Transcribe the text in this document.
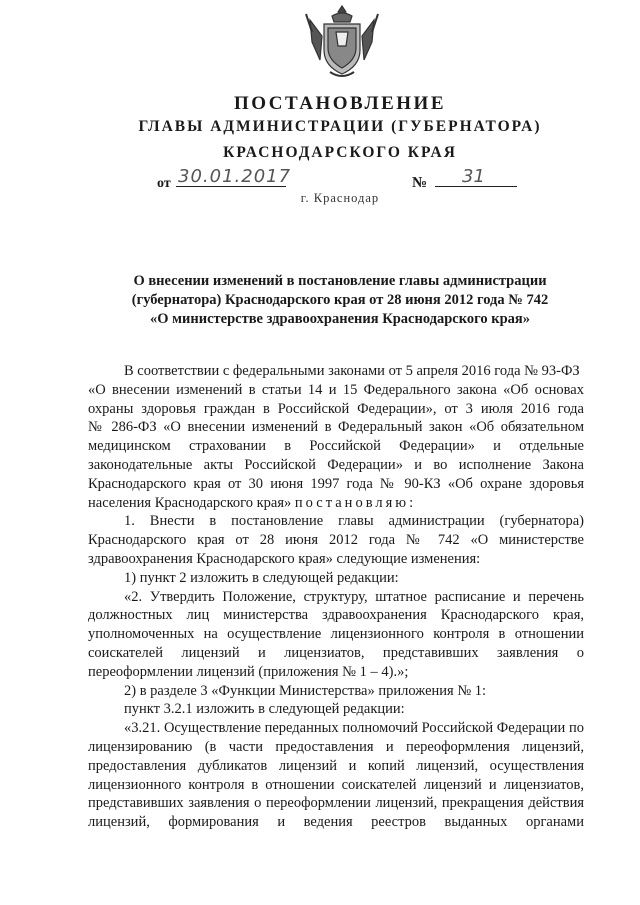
ПОСТАНОВЛЕНИЕ
ГЛАВЫ АДМИНИСТРАЦИИ (ГУБЕРНАТОРА)
КРАСНОДАРСКОГО КРАЯ
от 30.01.2017	№ 31
г. Краснодар
О внесении изменений в постановление главы администрации
(губернатора) Краснодарского края от 28 июня 2012 года № 742
«О министерстве здравоохранения Краснодарского края»
В соответствии с федеральными законами от 5 апреля 2016 года № 93-ФЗ
«О внесении изменений в статьи 14 и 15 Федерального закона «Об основах
охраны здоровья граждан в Российской Федерации», от 3 июля 2016 года
№ 286-ФЗ «О внесении изменений в Федеральный закон «Об обязательном
медицинском страховании в Российской Федерации» и отдельные
законодательные акты Российской Федерации» и во исполнение Закона
Краснодарского края от 30 июня 1997 года № 90-КЗ «Об охране здоровья
населения Краснодарского края» постановляю:
1. Внести в постановление главы администрации (губернатора)
Краснодарского края от 28 июня 2012 года № 742 «О министерстве
здравоохранения Краснодарского края» следующие изменения:
1) пункт 2 изложить в следующей редакции:
«2. Утвердить Положение, структуру, штатное расписание и перечень
должностных лиц министерства здравоохранения Краснодарского края,
уполномоченных на осуществление лицензионного контроля в отношении
соискателей лицензий и лицензиатов, представивших заявления о
переоформлении лицензий (приложения № 1 – 4).»;
2) в разделе 3 «Функции Министерства» приложения № 1:
пункт 3.2.1 изложить в следующей редакции:
«3.21. Осуществление переданных полномочий Российской Федерации по
лицензированию (в части предоставления и переоформления лицензий,
предоставления дубликатов лицензий и копий лицензий, осуществления
лицензионного контроля в отношении соискателей лицензий и лицензиатов,
представивших заявления о переоформлении лицензий, прекращения действия
лицензий, формирования и ведения реестров выданных органами
